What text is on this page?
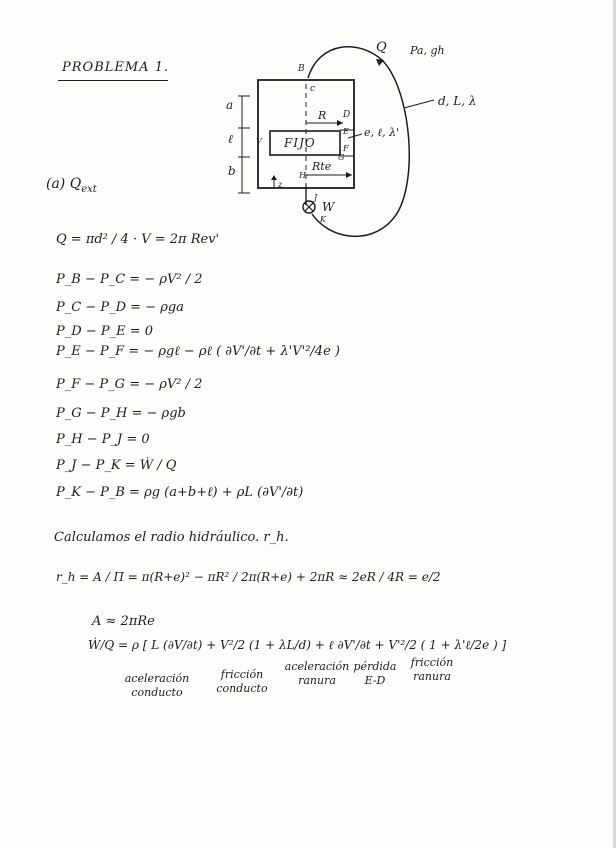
PROBLEMA 1.
(a) $Q_{ext}$
Q Pa, gh
d, L, λ
B
c
D
E
F
G
H
J
K
R
Rte
FIJO
V
e, ℓ, λ'
a
ℓ
b
z
W
Q = πd² / 4 · V = 2π Rev'
P_B − P_C = − ρV² / 2
P_C − P_D = − ρga
P_D − P_E = 0
P_E − P_F = − ρgℓ − ρℓ ( ∂V'/∂t + λ'V'²/4e )
P_F − P_G = − ρV² / 2
P_G − P_H = − ρgb
P_H − P_J = 0
P_J − P_K = Ẇ / Q
P_K − P_B = ρg (a+b+ℓ) + ρL (∂V'/∂t)
Calculamos el radio hidráulico. r_h.
r_h = A / Π = π(R+e)² − πR² / 2π(R+e) + 2πR ≈ 2eR / 4R = e/2
A ≈ 2πRe
Ẇ/Q = ρ [ L (∂V/∂t) + V²/2 (1 + λL/d) + ℓ ∂V'/∂t + V'²/2 ( 1 + λ'ℓ/2e ) ]
aceleración conducto
fricción conducto
aceleración ranura
pérdida E-D
fricción ranura
